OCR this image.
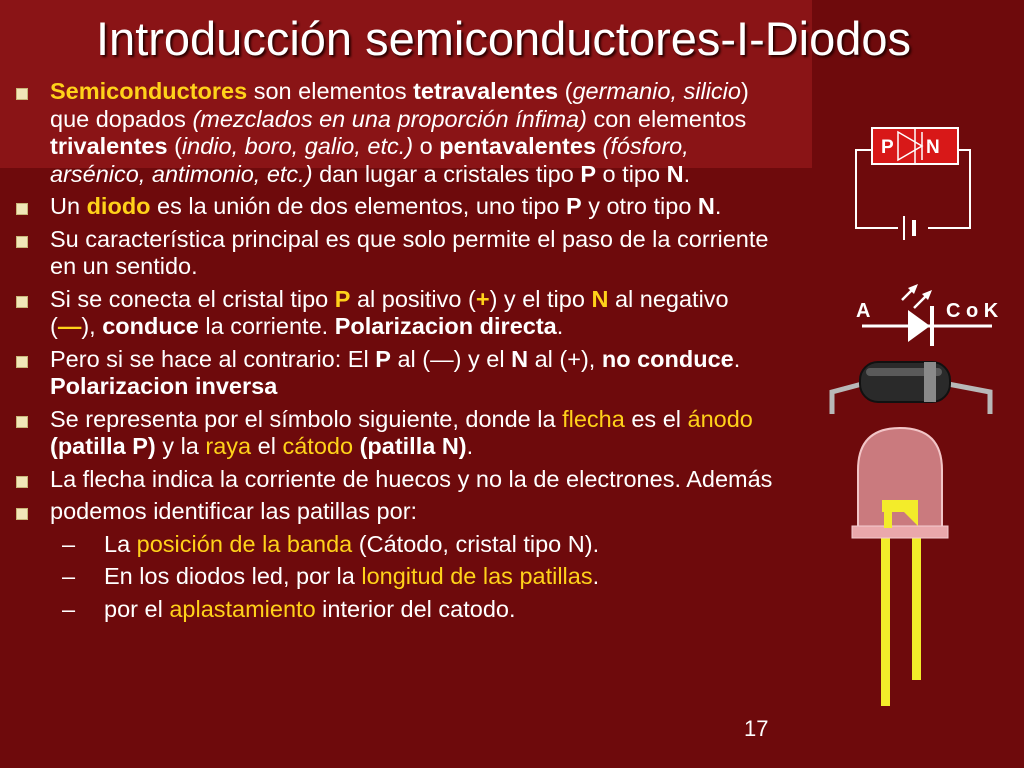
Introducción semiconductores-I-Diodos
Semiconductores son elementos tetravalentes (germanio, silicio) que dopados (mezclados en una proporción ínfima) con elementos trivalentes (indio, boro, galio, etc.) o pentavalentes (fósforo, arsénico, antimonio, etc.) dan lugar a cristales tipo P o tipo N.
Un diodo es la unión de dos elementos, uno tipo P y otro tipo N.
Su característica principal es que solo permite el paso de la corriente en un sentido.
Si se conecta el cristal tipo P al positivo (+) y el tipo N al negativo (—), conduce la corriente. Polarizacion directa.
Pero si se hace al contrario: El P al (—) y el N al (+), no conduce. Polarizacion inversa
Se representa por el símbolo siguiente, donde la flecha es el ánodo (patilla P) y la raya el cátodo (patilla N).
La flecha indica la corriente de huecos y no la de electrones. Además
podemos identificar las patillas por:
– La posición de la banda (Cátodo, cristal tipo N).
– En los diodos led, por la longitud de las patillas.
– por el aplastamiento interior del catodo.
17
P N
A	C o K
